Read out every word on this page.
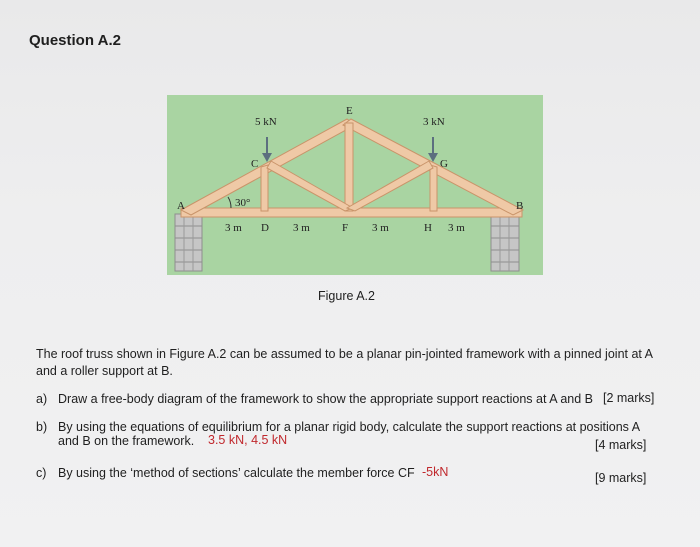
Question A.2
A	B
C
D
E
F
G
H
5 kN	3 kN
30°
3 m	3 m	3 m	3 m
Figure A.2
The roof truss shown in Figure A.2 can be assumed to be a planar pin-jointed framework with a pinned joint at A
and a roller support at B.
a) Draw a free-body diagram of the framework to show the appropriate support reactions at A and B [2 marks]
b) By using the equations of equilibrium for a planar rigid body, calculate the support reactions at positions A
and B on the framework. 3.5 kN, 4.5 kN	[4 marks]
c) By using the ‘method of sections’ calculate the member force CF -5kN	[9 marks]
